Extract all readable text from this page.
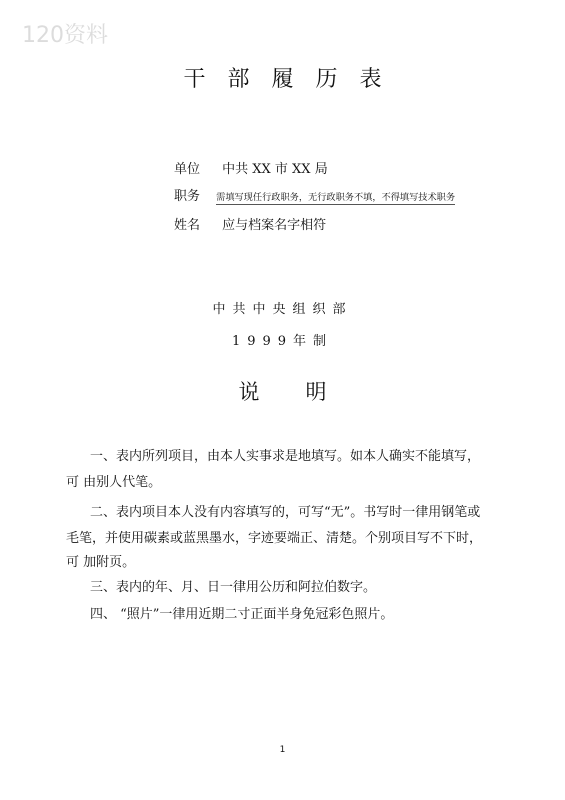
120资料
干部履历表
单位 中共 XX 市 XX 局
职务 需填写现任行政职务，无行政职务不填，不得填写技术职务
姓名 应与档案名字相符
中共中央组织部
1999年制
说明
一、表内所列项目，由本人实事求是地填写。如本人确实不能填写，
可 由别人代笔。
二、表内项目本人没有内容填写的，可写“无”。书写时一律用钢笔或
毛笔，并使用碳素或蓝黑墨水，字迹要端正、清楚。个别项目写不下时，
可 加附页。
三、表内的年、月、日一律用公历和阿拉伯数字。
四、 “照片”一律用近期二寸正面半身免冠彩色照片。
1
